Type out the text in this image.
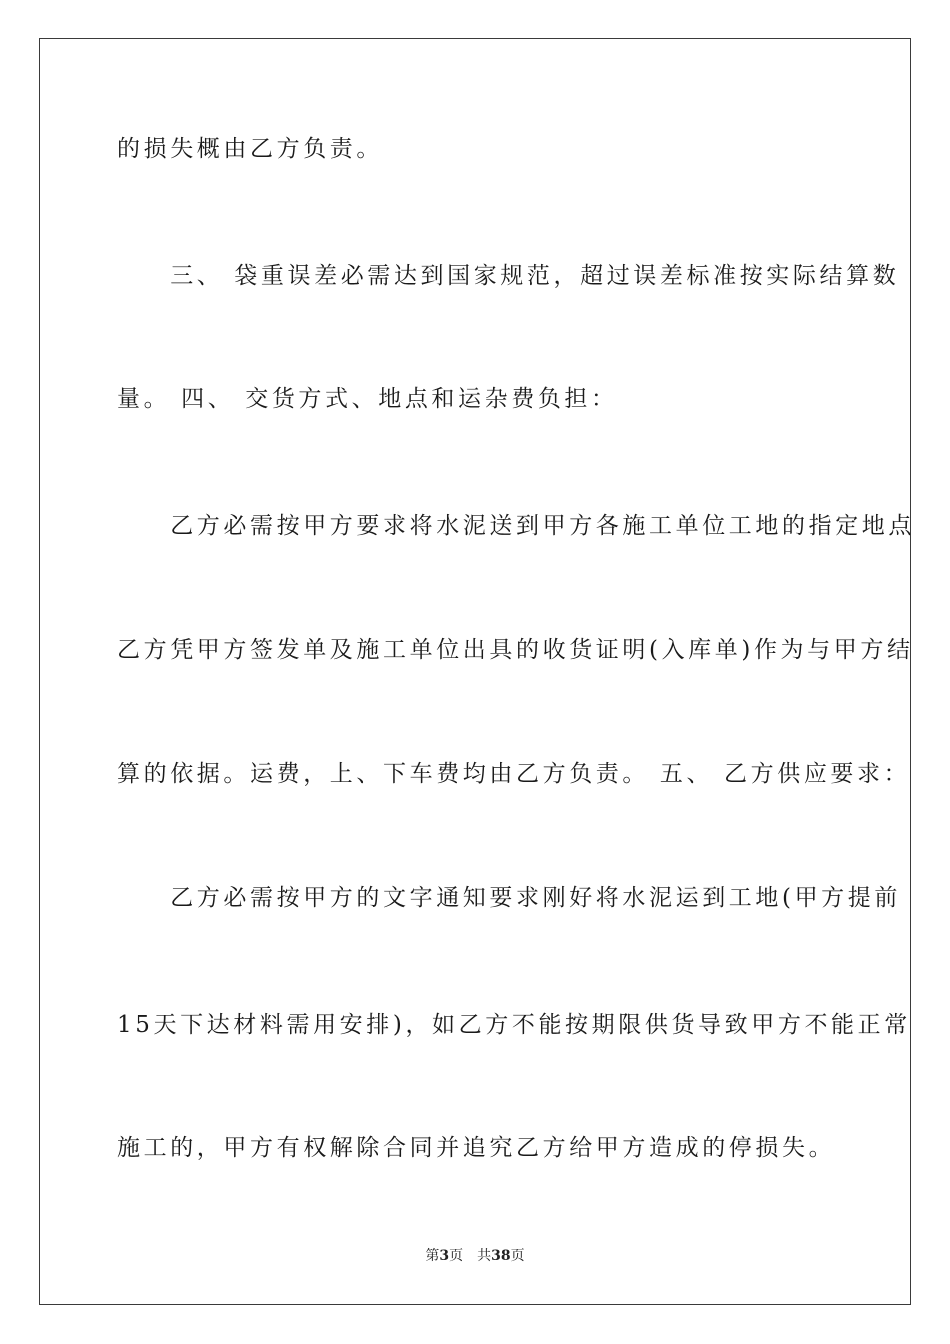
的损失概由乙方负责。
　　三、 袋重误差必需达到国家规范，超过误差标准按实际结算数
量。 四、 交货方式、地点和运杂费负担：
　　乙方必需按甲方要求将水泥送到甲方各施工单位工地的指定地点
乙方凭甲方签发单及施工单位出具的收货证明(入库单)作为与甲方结
算的依据。运费，上、下车费均由乙方负责。 五、 乙方供应要求：
　　乙方必需按甲方的文字通知要求刚好将水泥运到工地(甲方提前
15天下达材料需用安排)，如乙方不能按期限供货导致甲方不能正常
施工的，甲方有权解除合同并追究乙方给甲方造成的停损失。
第3页 共38页
